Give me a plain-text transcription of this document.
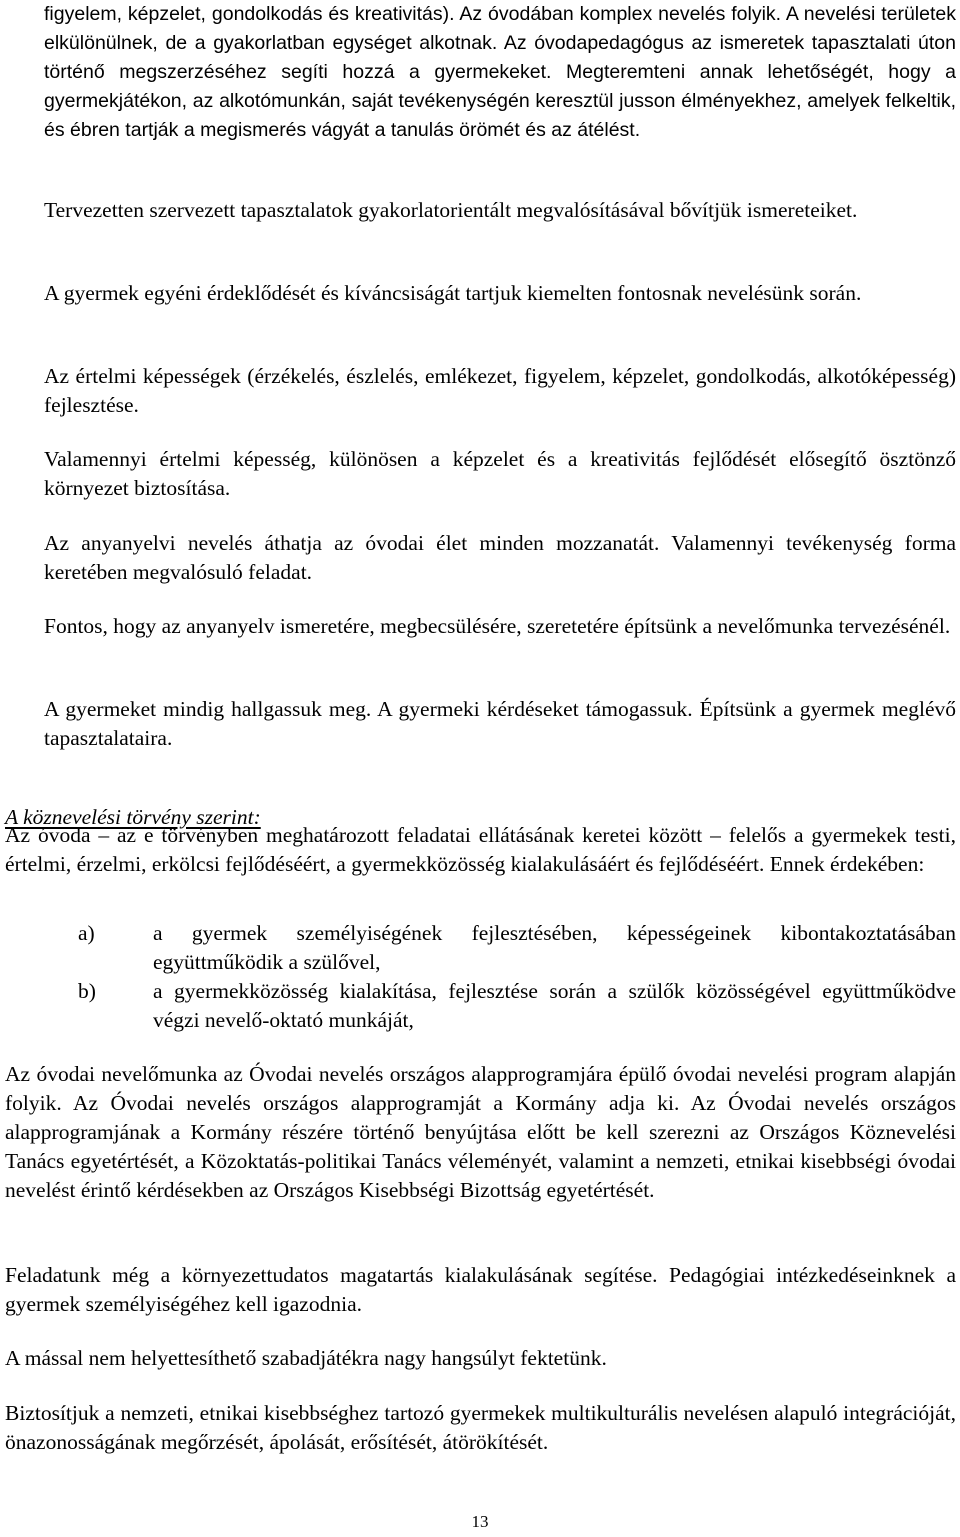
figyelem, képzelet, gondolkodás és kreativitás). Az óvodában komplex nevelés folyik. A nevelési területek elkülönülnek, de a gyakorlatban egységet alkotnak. Az óvodapedagógus az ismeretek tapasztalati úton történő megszerzéséhez segíti hozzá a gyermekeket. Megteremteni annak lehetőségét, hogy a gyermekjátékon, az alkotómunkán, saját tevékenységén keresztül jusson élményekhez, amelyek felkeltik, és ébren tartják a megismerés vágyát a tanulás örömét és az átélést.

Tervezetten szervezett tapasztalatok gyakorlatorientált megvalósításával bővítjük ismereteiket.

A gyermek egyéni érdeklődését és kíváncsiságát tartjuk kiemelten fontosnak nevelésünk során.

Az értelmi képességek (érzékelés, észlelés, emlékezet, figyelem, képzelet, gondolkodás, alkotóképesség) fejlesztése.

Valamennyi értelmi képesség, különösen a képzelet és a kreativitás fejlődését elősegítő ösztönző környezet biztosítása.

Az anyanyelvi nevelés áthatja az óvodai élet minden mozzanatát. Valamennyi tevékenység forma keretében megvalósuló feladat.

Fontos, hogy az anyanyelv ismeretére, megbecsülésére, szeretetére építsünk a nevelőmunka tervezésénél.

A gyermeket mindig hallgassuk meg. A gyermeki kérdéseket támogassuk. Építsünk a gyermek meglévő tapasztalataira.

A köznevelési törvény szerint:

Az óvoda – az e törvényben meghatározott feladatai ellátásának keretei között – felelős a gyermekek testi, értelmi, érzelmi, erkölcsi fejlődéséért, a gyermekközösség kialakulásáért és fejlődéséért. Ennek érdekében:

a)	a gyermek személyiségének fejlesztésében, képességeinek kibontakoztatásában együttműködik a szülővel,
b)	a gyermekközösség kialakítása, fejlesztése során a szülők közösségével együttműködve végzi nevelő-oktató munkáját,

Az óvodai nevelőmunka az Óvodai nevelés országos alapprogramjára épülő óvodai nevelési program alapján folyik. Az Óvodai nevelés országos alapprogramját a Kormány adja ki. Az Óvodai nevelés országos alapprogramjának a Kormány részére történő benyújtása előtt be kell szerezni az Országos Köznevelési Tanács egyetértését, a Közoktatás-politikai Tanács véleményét, valamint a nemzeti, etnikai kisebbségi óvodai nevelést érintő kérdésekben az Országos Kisebbségi Bizottság egyetértését.

Feladatunk még a környezettudatos magatartás kialakulásának segítése. Pedagógiai intézkedéseinknek a gyermek személyiségéhez kell igazodnia.

A mással nem helyettesíthető szabadjátékra nagy hangsúlyt fektetünk.

Biztosítjuk a nemzeti, etnikai kisebbséghez tartozó gyermekek multikulturális nevelésen alapuló integrációját, önazonosságának megőrzését, ápolását, erősítését, átörökítését.

13
